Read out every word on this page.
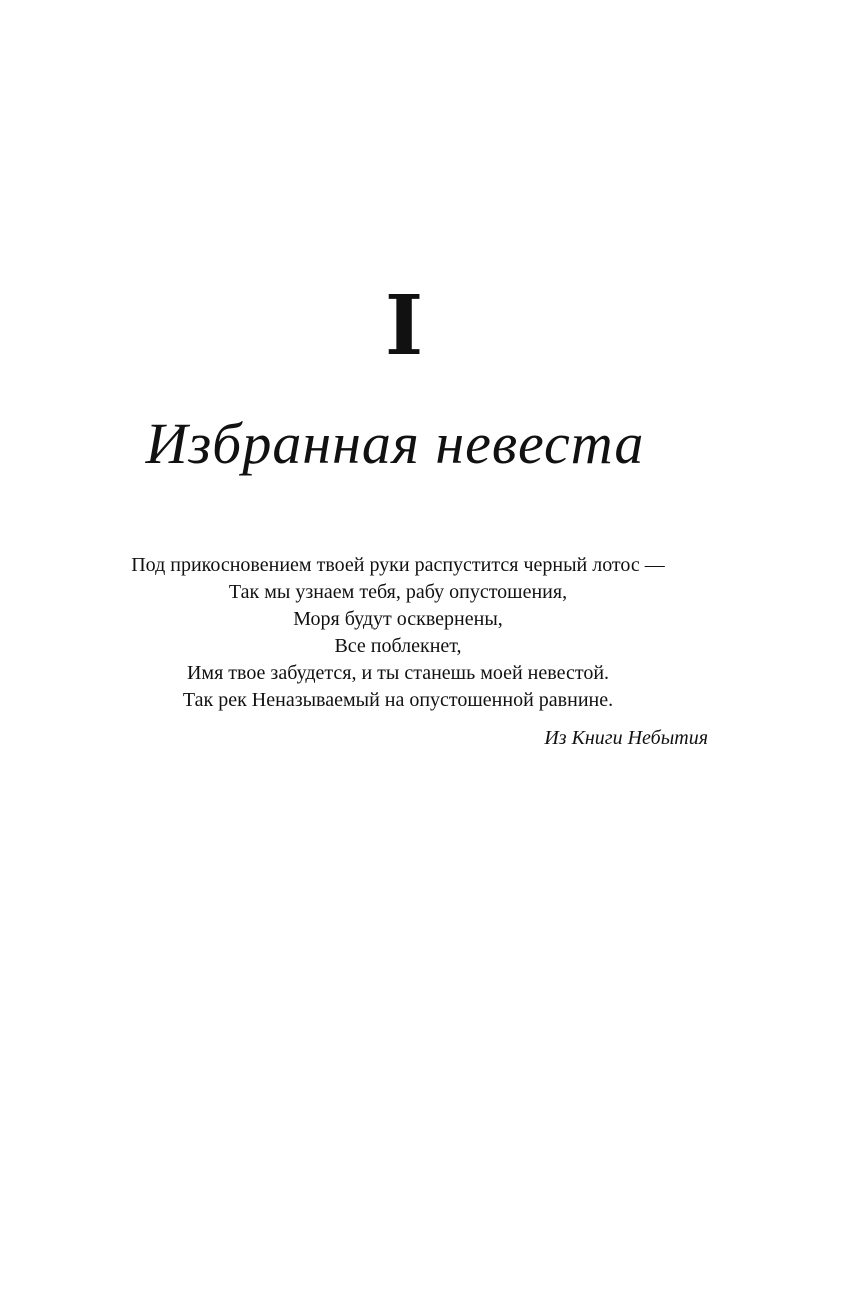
I
Избранная невеста
Под прикосновением твоей руки распустится черный лотос —
Так мы узнаем тебя, рабу опустошения,
Моря будут осквернены,
Все поблекнет,
Имя твое забудется, и ты станешь моей невестой.
Так рек Неназываемый на опустошенной равнине.
Из Книги Небытия
